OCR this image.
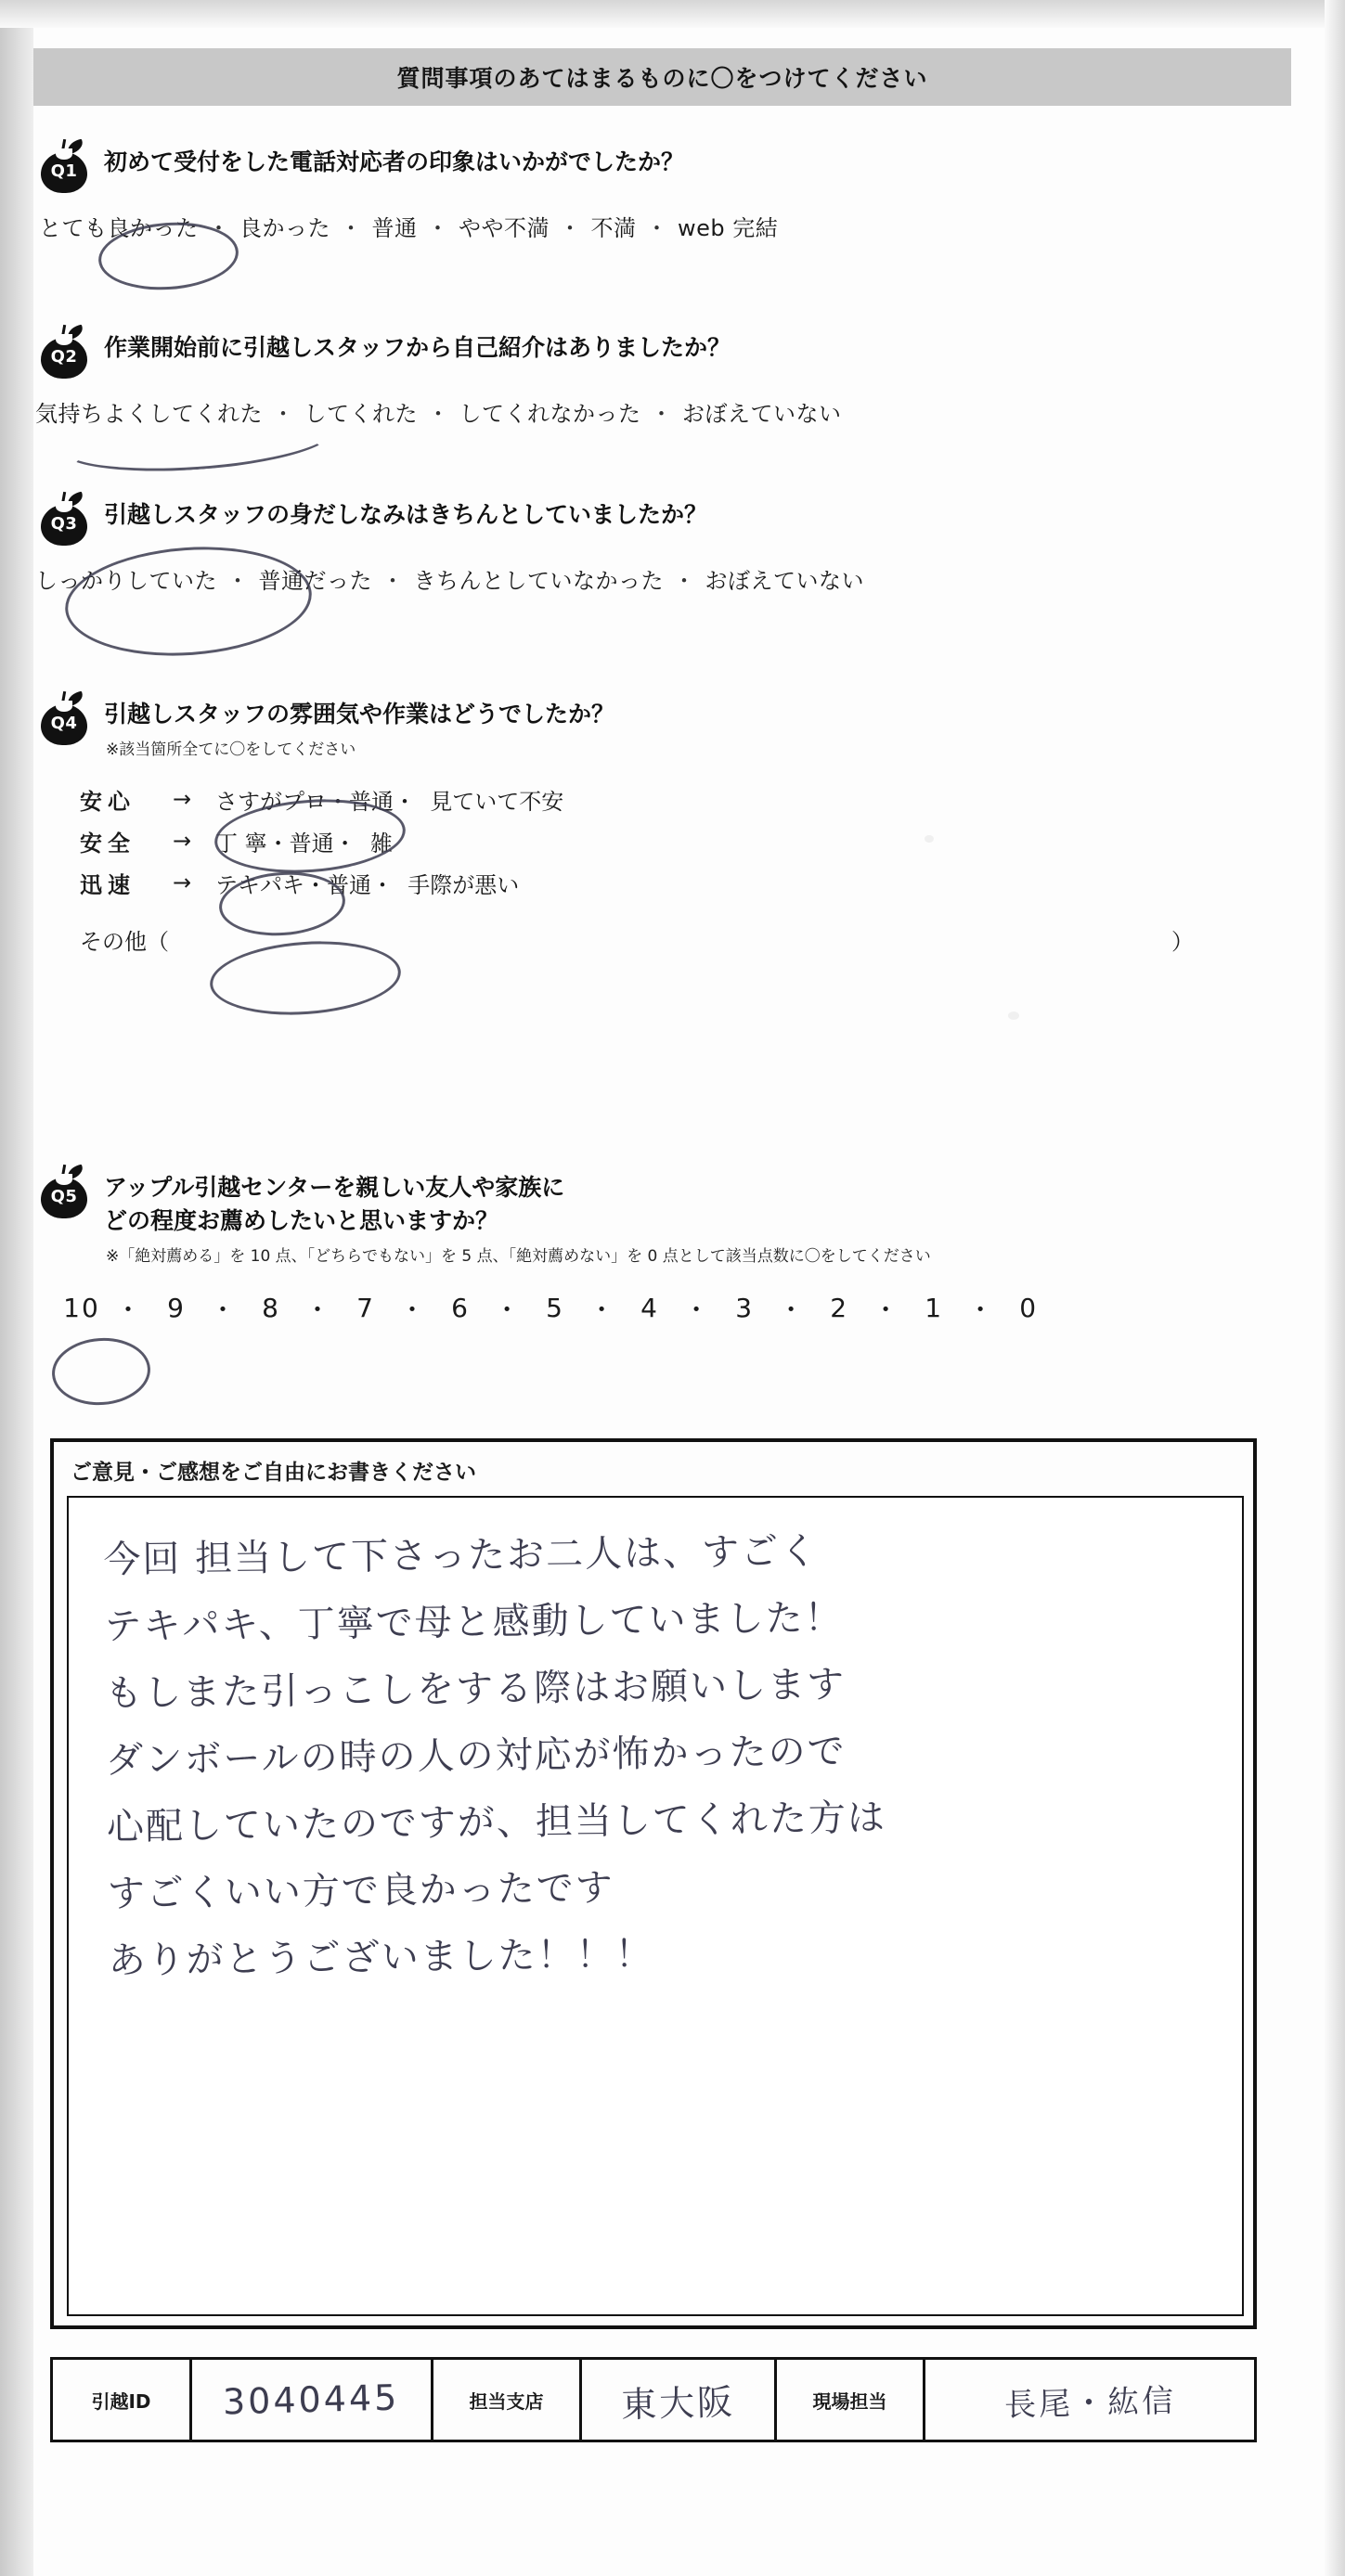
質問事項のあてはまるものに〇をつけてください
Q1	初めて受付をした電話対応者の印象はいかがでしたか？
とても良かった ・ 良かった ・ 普通 ・ やや不満 ・ 不満 ・ web 完結
Q2	作業開始前に引越しスタッフから自己紹介はありましたか？
気持ちよくしてくれた ・ してくれた ・ してくれなかった ・ おぼえていない
Q3	引越しスタッフの身だしなみはきちんとしていましたか？
しっかりしていた ・ 普通だった ・ きちんとしていなかった ・ おぼえていない
Q4	引越しスタッフの雰囲気や作業はどうでしたか？
※該当箇所全てに〇をしてください
安心	→	さすがプロ・普通・ 見ていて不安
安全	→	丁 寧・普通・ 雑
迅速	→	テキパキ・普通・ 手際が悪い
その他（	）
Q5	アップル引越センターを親しい友人や家族に
どの程度お薦めしたいと思いますか？
※「絶対薦める」を 10 点、「どちらでもない」を 5 点、「絶対薦めない」を 0 点として該当点数に〇をしてください
10 ・ 9 ・ 8 ・ 7 ・ 6 ・ 5 ・ 4 ・ 3 ・ 2 ・ 1 ・ 0
ご意見・ご感想をご自由にお書きください
今回 担当して下さったお二人は、すごく
テキパキ、丁寧で母と感動していました！
もしまた引っこしをする際はお願いします
ダンボールの時の人の対応が怖かったので
心配していたのですが、担当してくれた方は
すごくいい方で良かったです
ありがとうございました！！！
引越ID 3040445	担当支店 東大阪	現場担当	長尾・紘信
